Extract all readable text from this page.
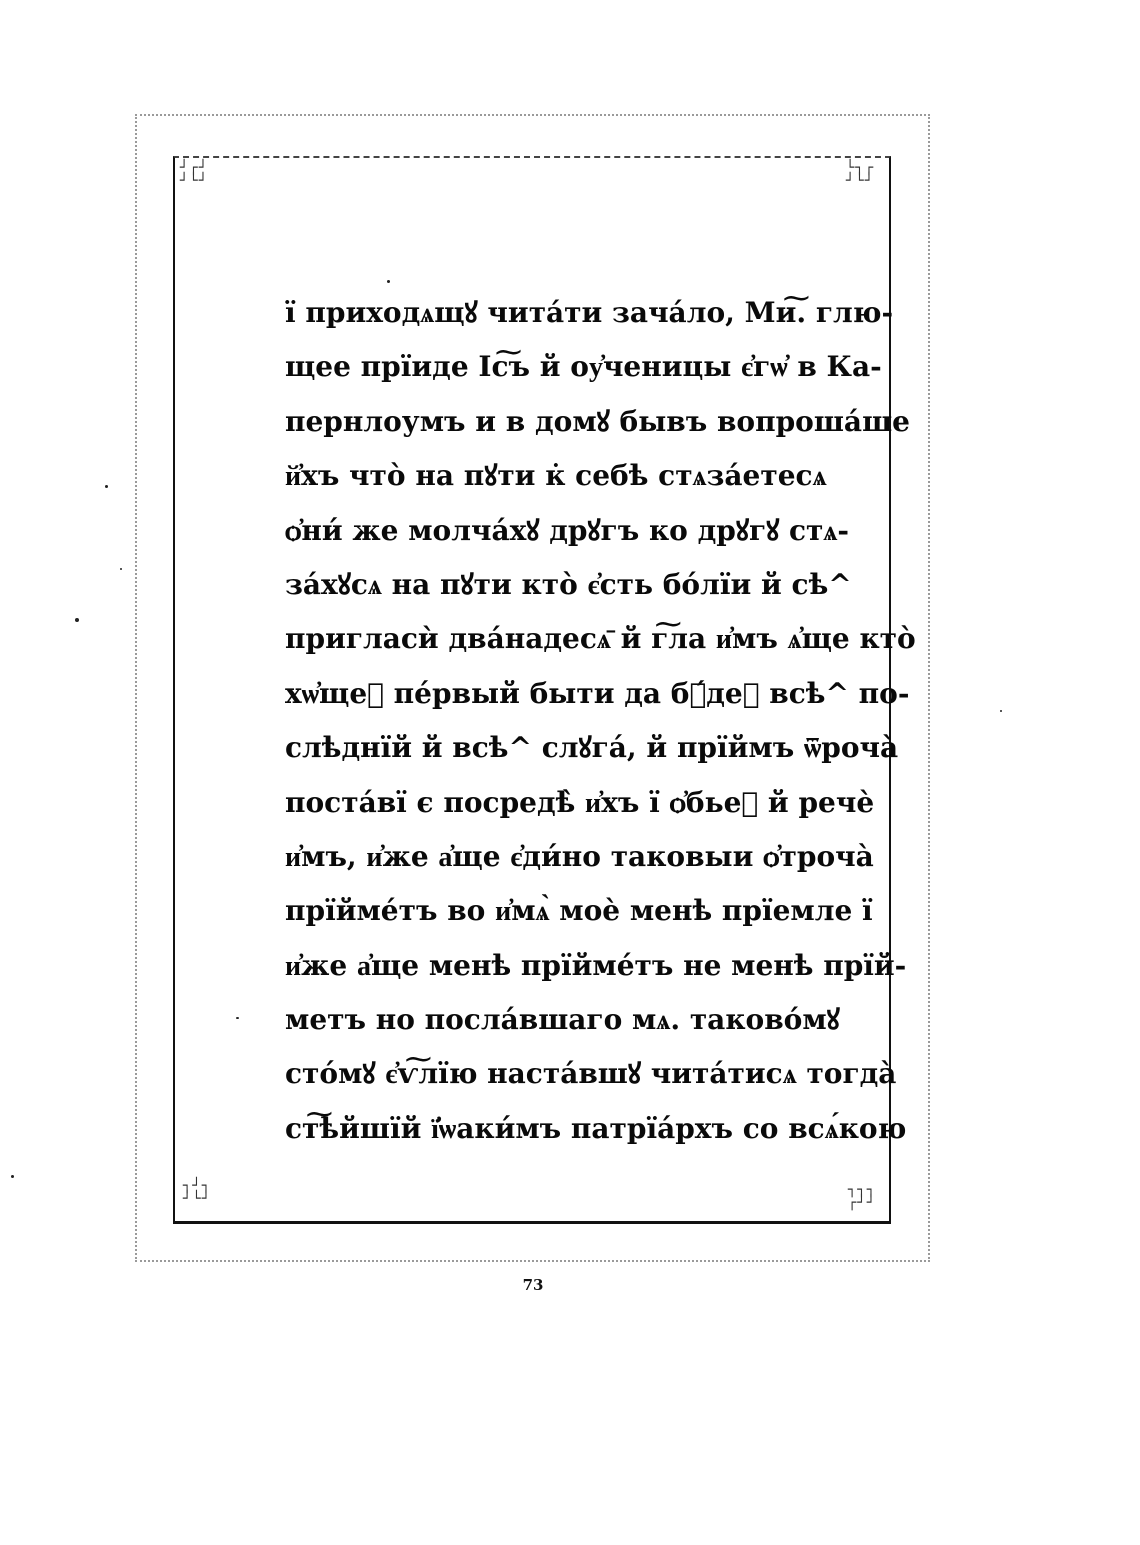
┘┌┘
┘└┘
└┐┌
┘└┘
┐┘┐
┘└┘
┐┐┐
┌┘┘
ї приходѧщꙋ читáти зачáло, Ми͠. глю-
щее прїиде Іс͠ъ й оу҆ченицы є҆гѡ҆ в Ка-
пернлоумъ и в домꙋ бывъ вопрошáше
й҆хъ что̀ на пꙋти к̇ себѣ стѧзáетесѧ
ѻ҆ни́ же молчáхꙋ дрꙋгъ ко дрꙋгꙋ стѧ-
зáхꙋсѧ на пꙋти кто̀ є҆сть бóлїи й сѣ^
приглаcѝ двáнадесѧ̄ й г͠ла и҆мъ ѧ҆ще кто̀
хѡ҆щеⷮ пе́рвый быти да бꙋ́деⷮ всѣ^ по-
слѣднїй й всѣ^ слꙋга́, й прїймъ ѿроча̀
постáвї є посредѣ̀ и҆хъ ї ѻ҆бьеⷨ й речѐ
и҆мъ, и҆же а҆ще є҆ди́но таковыи ѻ҆троча̀
прїймéтъ во и҆мѧ̀ моѐ менѣ прїемле ї
и҆же а҆ще менѣ прїймéтъ не менѣ прїй-
метъ но послáвшаго мѧ. таковóмꙋ
сто́мꙋ є҆ѵ͠лїю настáвшꙋ читáтисѧ тогда̀
ст͠ѣйшїй ї҆ѡаки́мъ патрїа́рхъ со всѧ́кою
73
